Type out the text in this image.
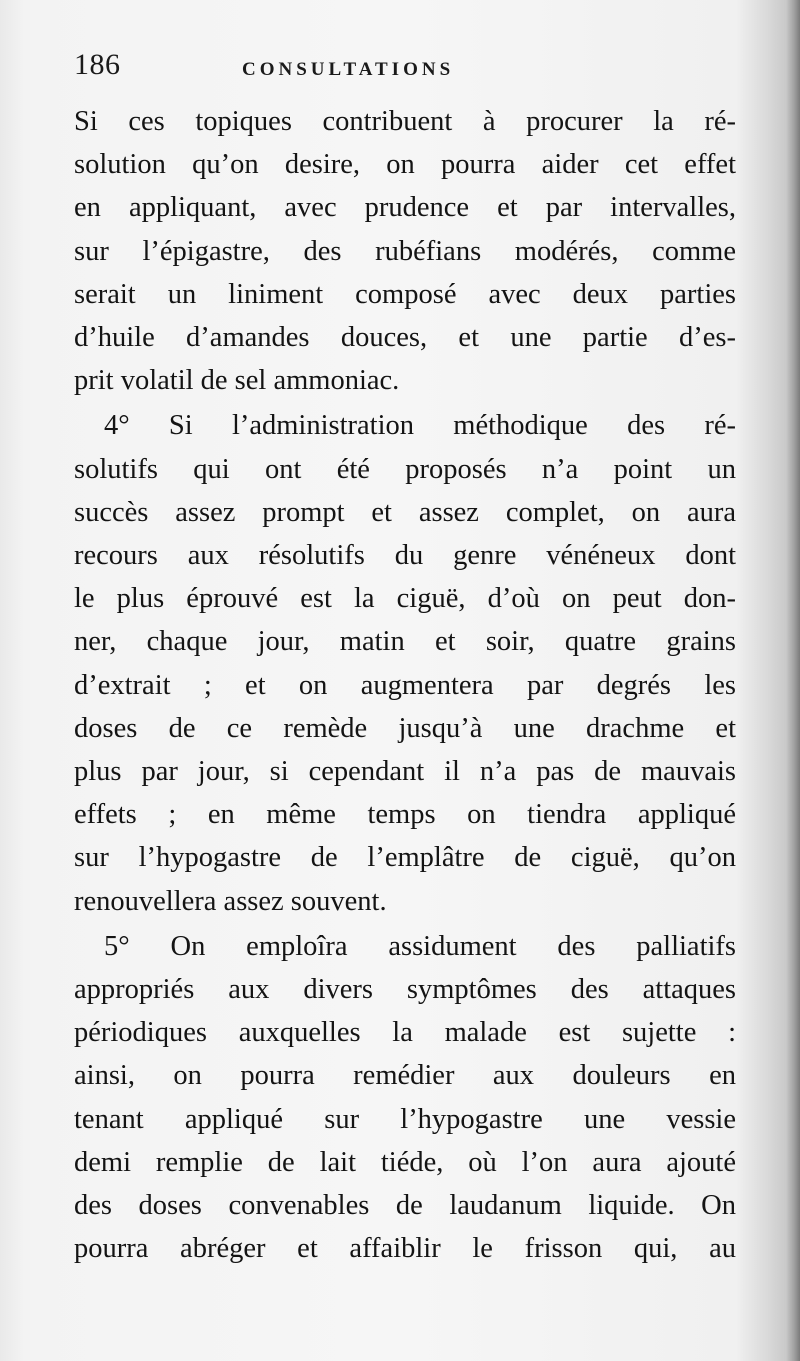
186	CONSULTATIONS

Si ces topiques contribuent à procurer la ré-
solution qu’on desire, on pourra aider cet effet
en appliquant, avec prudence et par intervalles,
sur l’épigastre, des rubéfians modérés, comme
serait un liniment composé avec deux parties
d’huile d’amandes douces, et une partie d’es-
prit volatil de sel ammoniac.

4° Si l’administration méthodique des ré-
solutifs qui ont été proposés n’a point un
succès assez prompt et assez complet, on aura
recours aux résolutifs du genre vénéneux dont
le plus éprouvé est la ciguë, d’où on peut don-
ner, chaque jour, matin et soir, quatre grains
d’extrait ; et on augmentera par degrés les
doses de ce remède jusqu’à une drachme et
plus par jour, si cependant il n’a pas de mauvais
effets ; en même temps on tiendra appliqué
sur l’hypogastre de l’emplâtre de ciguë, qu’on
renouvellera assez souvent.

5° On emploîra assidument des palliatifs
appropriés aux divers symptômes des attaques
périodiques auxquelles la malade est sujette :
ainsi, on pourra remédier aux douleurs en
tenant appliqué sur l’hypogastre une vessie
demi remplie de lait tiéde, où l’on aura ajouté
des doses convenables de laudanum liquide. On
pourra abréger et affaiblir le frisson qui, au
